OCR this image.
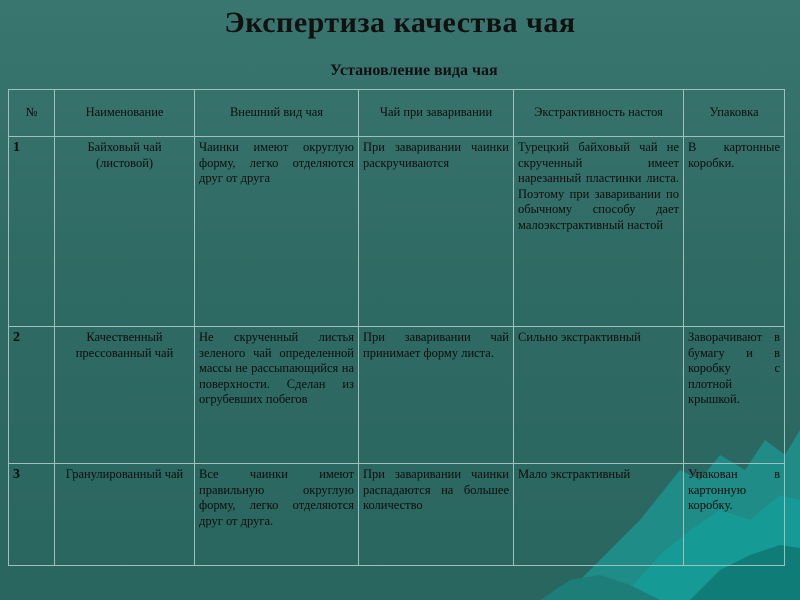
Экспертиза качества чая
Установление вида чая
№	Наименование	Внешний вид чая	Чай при заваривании	Экстрактивность настоя	Упаковка
1	Байховый чай (листовой)	Чаинки имеют округлую форму, легко отделяются друг от друга	При заваривании чаинки раскручиваются	Турецкий байховый чай не скрученный имеет нарезанный пластинки листа. Поэтому при заваривании по обычному способу дает малоэкстрактивный настой	В картонные коробки.
2	Качественный прессованный чай	Не скрученный листья зеленого чай определенной массы не рассыпающийся на поверхности. Сделан из огрубевших побегов	При заваривании чай принимает форму листа.	Сильно экстрактивный	Заворачивают в бумагу и в коробку с плотной крышкой.
3	Гранулированный чай	Все чаинки имеют правильную округлую форму, легко отделяются друг от друга.	При заваривании чаинки распадаются на большее количество	Мало экстрактивный	Упакован в картонную коробку.
